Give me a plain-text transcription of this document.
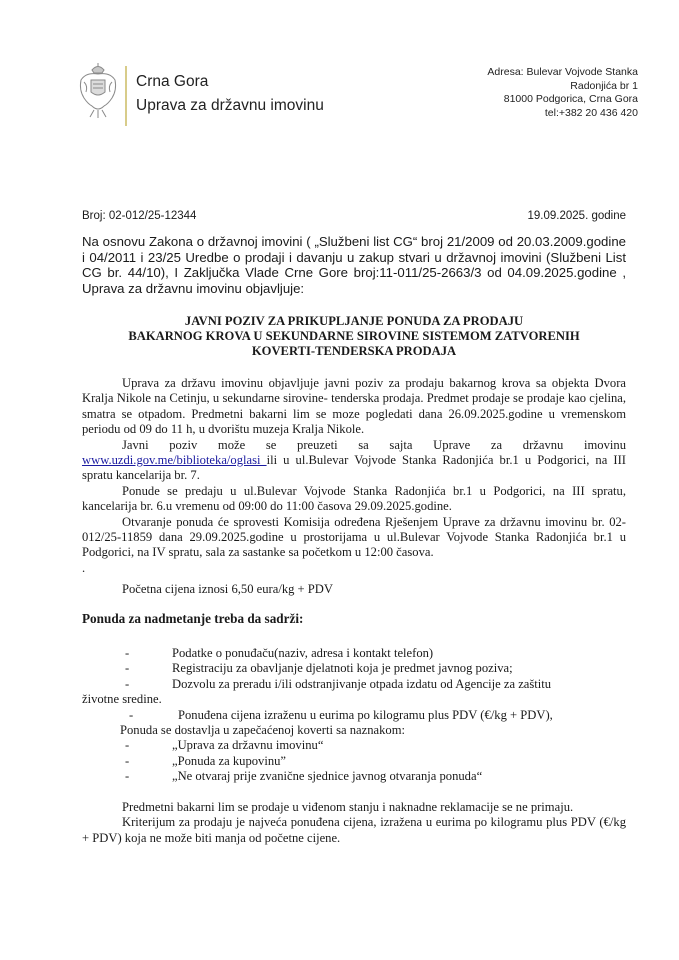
Crna Gora
Uprava za državnu imovinu
Adresa: Bulevar Vojvode Stanka
Radonjića br 1
81000 Podgorica, Crna Gora
tel:+382 20 436 420
Broj: 02-012/25-12344	19.09.2025. godine
Na osnovu Zakona o državnoj imovini ( „Službeni list CG“ broj 21/2009 od 20.03.2009.godine i 04/2011 i 23/25 Uredbe o prodaji i davanju u zakup stvari u državnoj imovini (Službeni List CG br. 44/10), I Zaključka Vlade Crne Gore broj:11-011/25-2663/3 od 04.09.2025.godine , Uprava za državnu imovinu objavljuje:
JAVNI POZIV ZA PRIKUPLJANJE PONUDA ZA PRODAJU
BAKARNOG KROVA U SEKUNDARNE SIROVINE SISTEMOM ZATVORENIH
KOVERTI-TENDERSKA PRODAJA
Uprava za državu imovinu objavljuje javni poziv za prodaju bakarnog krova sa objekta Dvora Kralja Nikole na Cetinju, u sekundarne sirovine- tenderska prodaja. Predmet prodaje se prodaje kao cjelina, smatra se otpadom. Predmetni bakarni lim se moze pogledati dana 26.09.2025.godine u vremenskom periodu od 09 do 11 h, u dvorištu muzeja Kralja Nikole.
Javni poziv može se preuzeti sa sajta Uprave za državnu imovinu www.uzdi.gov.me/biblioteka/oglasi ili u ul.Bulevar Vojvode Stanka Radonjića br.1 u Podgorici, na III spratu kancelarija br. 7.
Ponude se predaju u ul.Bulevar Vojvode Stanka Radonjića br.1 u Podgorici, na III spratu, kancelarija br. 6.u vremenu od 09:00 do 11:00 časova 29.09.2025.godine.
Otvaranje ponuda će sprovesti Komisija određena Rješenjem Uprave za državnu imovinu br. 02-012/25-11859 dana 29.09.2025.godine u prostorijama u ul.Bulevar Vojvode Stanka Radonjića br.1 u Podgorici, na IV spratu, sala za sastanke sa početkom u 12:00 časova.
.
Početna cijena iznosi 6,50 eura/kg + PDV
Ponuda za nadmetanje treba da sadrži:
-	Podatke o ponuđaču(naziv, adresa i kontakt telefon)
-	Registraciju za obavljanje djelatnoti koja je predmet javnog poziva;
-	Dozvolu za preradu i/ili odstranjivanje otpada izdatu od Agencije za zaštitu
životne sredine.
-	Ponuđena cijena izraženu u eurima po kilogramu plus PDV (€/kg + PDV),
Ponuda se dostavlja u zapečaćenoj koverti sa naznakom:
-	„Uprava za državnu imovinu“
-	„Ponuda za kupovinu”
-	„Ne otvaraj prije zvanične sjednice javnog otvaranja ponuda“
Predmetni bakarni lim se prodaje u viđenom stanju i naknadne reklamacije se ne primaju.
Kriterijum za prodaju je najveća ponuđena cijena, izražena u eurima po kilogramu plus PDV (€/kg + PDV) koja ne može biti manja od početne cijene.
